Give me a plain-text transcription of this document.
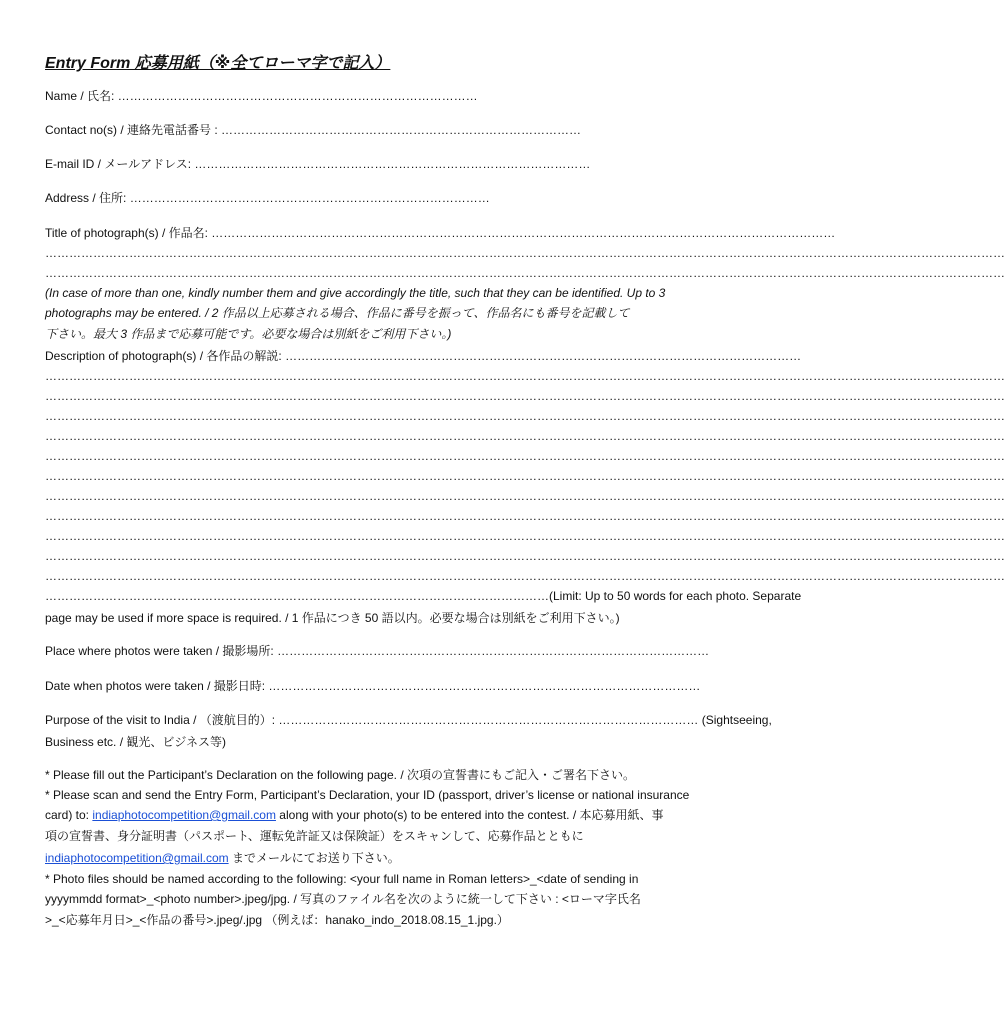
Entry Form 応募用紙（※全てローマ字で記入）
Name / 氏名: ………………………………………………………………………………
Contact no(s) / 連絡先電話番号 : ………………………………………………………………………………
E-mail ID / メールアドレス: ………………………………………………………………………………………
Address / 住所: ………………………………………………………………………………
Title of photograph(s) / 作品名: …………………………………………………………………………………………………………………………………………
……………………………………………………………………………………………………………………………………………………………………………………………………………………
……………………………………………………………………………………………………………………………………………………………………………………………………………………
(In case of more than one, kindly number them and give accordingly the title, such that they can be identified. Up to 3
photographs may be entered. / 2 作品以上応募される場合、作品に番号を振って、作品名にも番号を記載して
下さい。最大 3 作品まで応募可能です。必要な場合は別紙をご利用下さい。)
Description of photograph(s) / 各作品の解説: …………………………………………………………………………………………………………………
……………………………………………………………………………………………………………………………………………………………………………………………………………………
……………………………………………………………………………………………………………………………………………………………………………………………………………………
……………………………………………………………………………………………………………………………………………………………………………………………………………………
……………………………………………………………………………………………………………………………………………………………………………………………………………………
……………………………………………………………………………………………………………………………………………………………………………………………………………………
……………………………………………………………………………………………………………………………………………………………………………………………………………………
……………………………………………………………………………………………………………………………………………………………………………………………………………………
……………………………………………………………………………………………………………………………………………………………………………………………………………………
……………………………………………………………………………………………………………………………………………………………………………………………………………………
……………………………………………………………………………………………………………………………………………………………………………………………………………………
……………………………………………………………………………………………………………………………………………………………………………………………………………………
………………………………………………………………………………………………………………(Limit: Up to 50 words for each photo. Separate
page may be used if more space is required. / 1 作品につき 50 語以内。必要な場合は別紙をご利用下さい。)
Place where photos were taken / 撮影場所: ………………………………………………………………………………………………
Date when photos were taken / 撮影日時: ………………………………………………………………………………………………
Purpose of the visit to India / （渡航目的）: …………………………………………………………………………………………… (Sightseeing,
Business etc. / 観光、ビジネス等)
* Please fill out the Participant’s Declaration on the following page. / 次項の宣誓書にもご記入・ご署名下さい。
* Please scan and send the Entry Form, Participant’s Declaration, your ID (passport, driver’s license or national insurance
card) to: indiaphotocompetition@gmail.com along with your photo(s) to be entered into the contest. / 本応募用紙、事
項の宣誓書、身分証明書（パスポート、運転免許証又は保険証）をスキャンして、応募作品とともに
indiaphotocompetition@gmail.com までメールにてお送り下さい。
* Photo files should be named according to the following: <your full name in Roman letters>_<date of sending in
yyyymmdd format>_<photo number>.jpeg/jpg. / 写真のファイル名を次のように統一して下さい : <ローマ字氏名
>_<応募年月日>_<作品の番号>.jpeg/.jpg （例えば：hanako_indo_2018.08.15_1.jpg.）
